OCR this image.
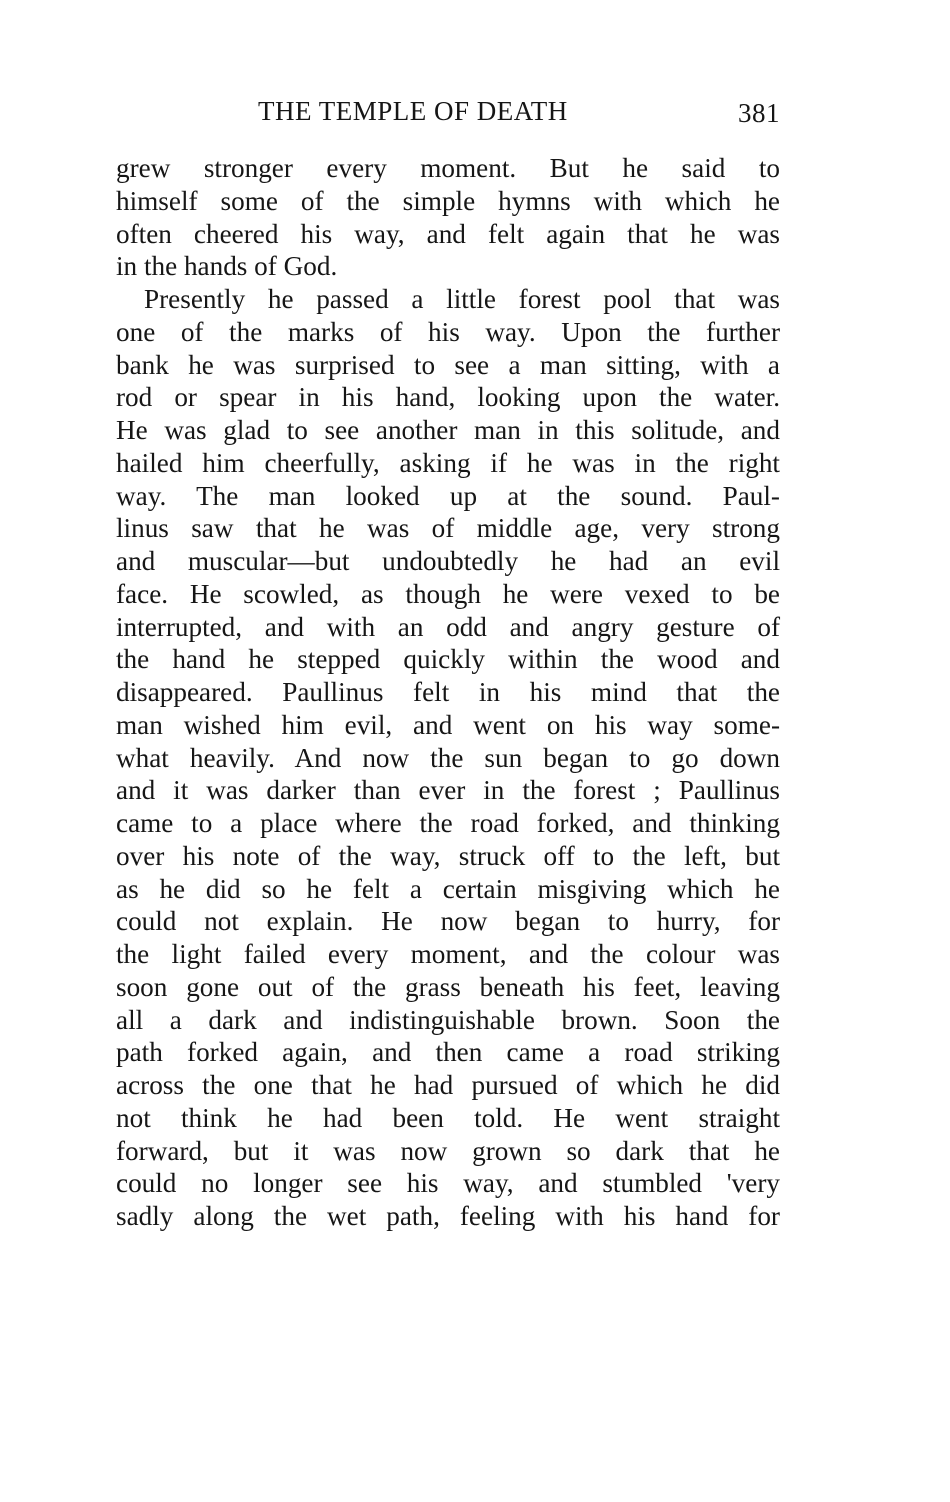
THE TEMPLE OF DEATH	381
grew stronger every moment. But he said to
himself some of the simple hymns with which he
often cheered his way, and felt again that he was
in the hands of God.
Presently he passed a little forest pool that was
one of the marks of his way. Upon the further
bank he was surprised to see a man sitting, with a
rod or spear in his hand, looking upon the water.
He was glad to see another man in this solitude, and
hailed him cheerfully, asking if he was in the right
way. The man looked up at the sound. Paul-
linus saw that he was of middle age, very strong
and muscular—but undoubtedly he had an evil
face. He scowled, as though he were vexed to be
interrupted, and with an odd and angry gesture of
the hand he stepped quickly within the wood and
disappeared. Paullinus felt in his mind that the
man wished him evil, and went on his way some-
what heavily. And now the sun began to go down
and it was darker than ever in the forest ; Paullinus
came to a place where the road forked, and thinking
over his note of the way, struck off to the left, but
as he did so he felt a certain misgiving which he
could not explain. He now began to hurry, for
the light failed every moment, and the colour was
soon gone out of the grass beneath his feet, leaving
all a dark and indistinguishable brown. Soon the
path forked again, and then came a road striking
across the one that he had pursued of which he did
not think he had been told. He went straight
forward, but it was now grown so dark that he
could no longer see his way, and stumbled 'very
sadly along the wet path, feeling with his hand for
